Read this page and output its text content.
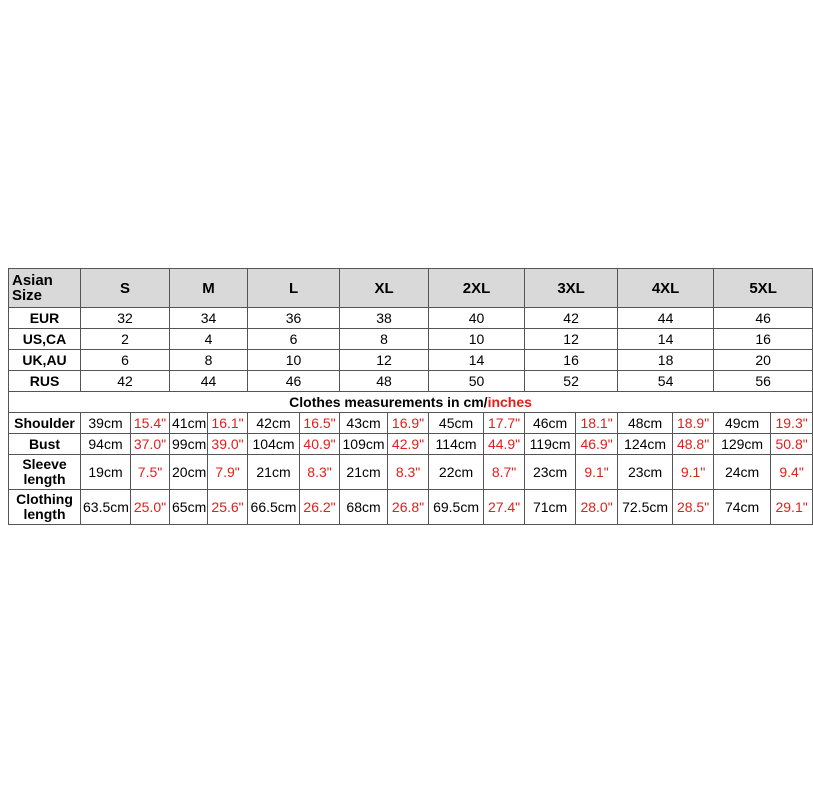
Asian Size	S		M		L		XL		2XL		3XL		4XL		5XL	
EUR	32		34		36		38		40		42		44		46	
US,CA	2		4		6		8		10		12		14		16	
UK,AU	6		8		10		12		14		16		18		20	
RUS	42		44		46		48		50		52		54		56	
Clothes measurements in cm/inches																
Shoulder	39cm	15.4"	41cm	16.1"	42cm	16.5"	43cm	16.9"	45cm	17.7"	46cm	18.1"	48cm	18.9"	49cm	19.3"
Bust	94cm	37.0"	99cm	39.0"	104cm	40.9"	109cm	42.9"	114cm	44.9"	119cm	46.9"	124cm	48.8"	129cm	50.8"
Sleeve length	19cm	7.5"	20cm	7.9"	21cm	8.3"	21cm	8.3"	22cm	8.7"	23cm	9.1"	23cm	9.1"	24cm	9.4"
Clothing length	63.5cm	25.0"	65cm	25.6"	66.5cm	26.2"	68cm	26.8"	69.5cm	27.4"	71cm	28.0"	72.5cm	28.5"	74cm	29.1"
